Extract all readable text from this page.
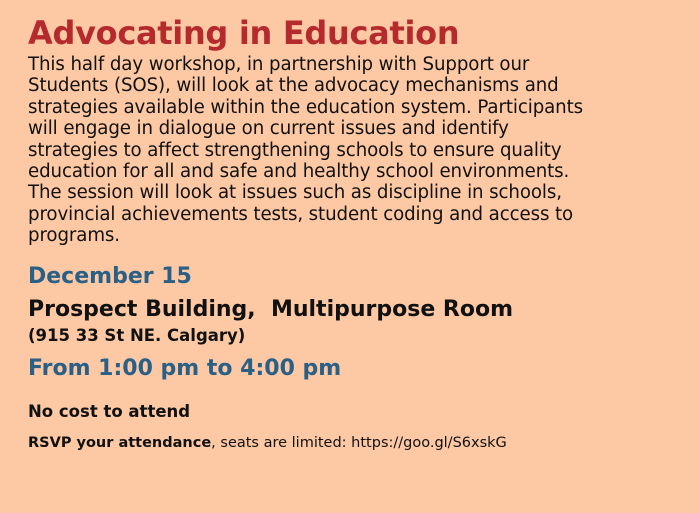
Advocating in Education

This half day workshop, in partnership with Support our
Students (SOS), will look at the advocacy mechanisms and
strategies available within the education system. Participants
will engage in dialogue on current issues and identify
strategies to affect strengthening schools to ensure quality
education for all and safe and healthy school environments.
The session will look at issues such as discipline in schools,
provincial achievements tests, student coding and access to
programs.

December 15
Prospect Building,  Multipurpose Room
(915 33 St NE. Calgary)
From 1:00 pm to 4:00 pm
No cost to attend
RSVP your attendance, seats are limited: https://goo.gl/S6xskG
